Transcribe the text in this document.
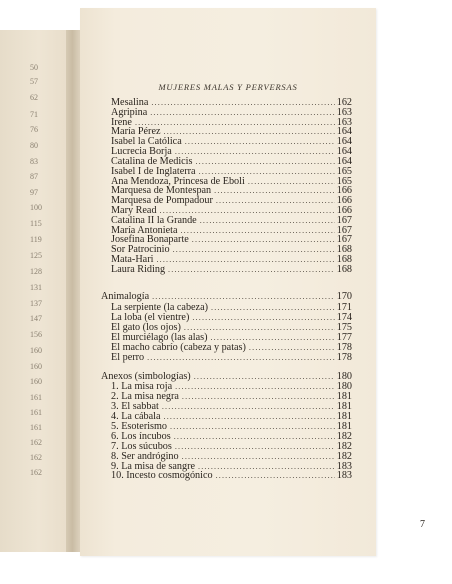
50
57
62
71
76
80
83
87
97
100
115
119
125
128
131
137
147
156
160
160
160
161
161
161
162
162
162
MUJERES MALAS Y PERVERSAS
Mesalina .....	162
Agripina .....	163
Irene .....	163
María Pérez .....	164
Isabel la Católica .....	164
Lucrecia Borja .....	164
Catalina de Medicis .....	164
Isabel I de Inglaterra .....	165
Ana Mendoza, Princesa de Eboli .....	165
Marquesa de Montespan .....	166
Marquesa de Pompadour .....	166
Mary Read .....	166
Catalina II la Grande .....	167
María Antonieta .....	167
Josefina Bonaparte .....	167
Sor Patrocinio .....	168
Mata-Hari .....	168
Laura Riding .....	168
Animalogía .....	170
La serpiente (la cabeza) .....	171
La loba (el vientre) .....	174
El gato (los ojos) .....	175
El murciélago (las alas) .....	177
El macho cabrío (cabeza y patas) .....	178
El perro .....	178
Anexos (simbologías) .....	180
1. La misa roja .....	180
2. La misa negra .....	181
3. El sabbat .....	181
4. La cábala .....	181
5. Esoterismo .....	181
6. Los íncubos .....	182
7. Los súcubos .....	182
8. Ser andrógino .....	182
9. La misa de sangre .....	183
10. Incesto cosmogónico .....	183
7
